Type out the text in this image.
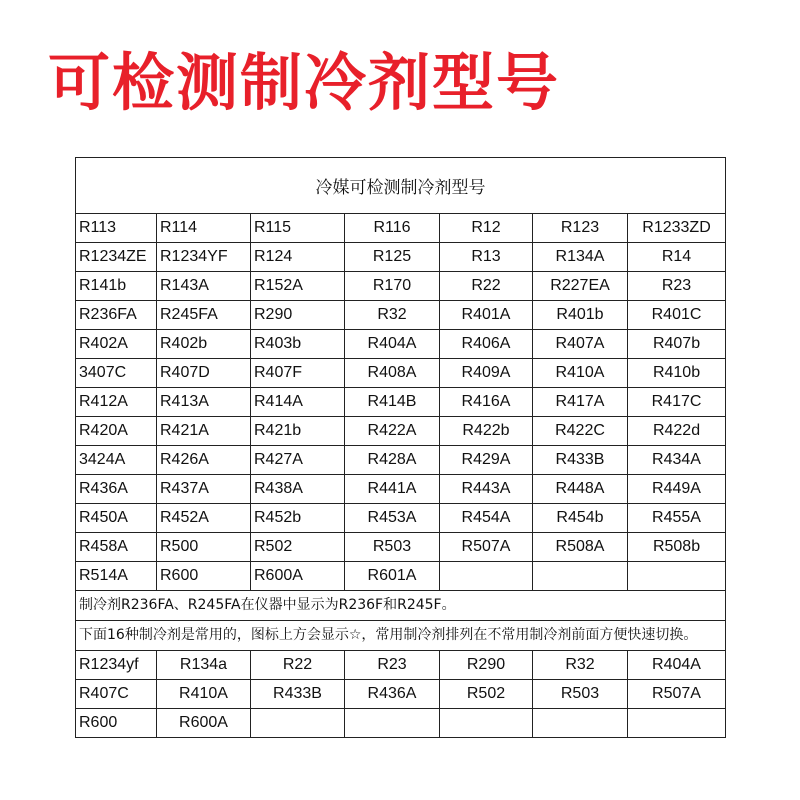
可检测制冷剂型号
冷媒可检测制冷剂型号						
R113	R114	R115	R116	R12	R123	R1233ZD
R1234ZE	R1234YF	R124	R125	R13	R134A	R14
R141b	R143A	R152A	R170	R22	R227EA	R23
R236FA	R245FA	R290	R32	R401A	R401b	R401C
R402A	R402b	R403b	R404A	R406A	R407A	R407b
3407C	R407D	R407F	R408A	R409A	R410A	R410b
R412A	R413A	R414A	R414B	R416A	R417A	R417C
R420A	R421A	R421b	R422A	R422b	R422C	R422d
3424A	R426A	R427A	R428A	R429A	R433B	R434A
R436A	R437A	R438A	R441A	R443A	R448A	R449A
R450A	R452A	R452b	R453A	R454A	R454b	R455A
R458A	R500	R502	R503	R507A	R508A	R508b
R514A	R600	R600A	R601A			
制冷剂R236FA、R245FA在仪器中显示为R236F和R245F。						
下面16种制冷剂是常用的，图标上方会显示☆，常用制冷剂排列在不常用制冷剂前面方便快速切换。						
R1234yf	R134a	R22	R23	R290	R32	R404A
R407C	R410A	R433B	R436A	R502	R503	R507A
R600	R600A					
